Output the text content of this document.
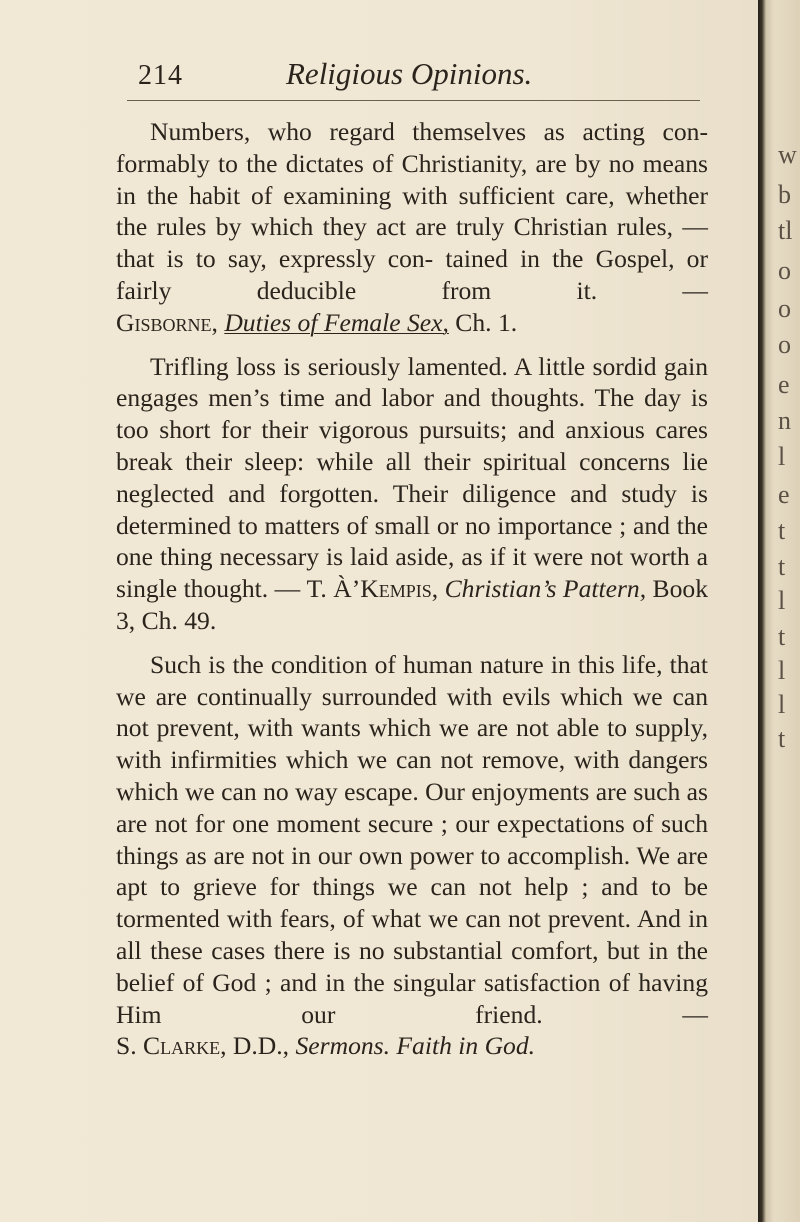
214	Religious Opinions.

Numbers, who regard themselves as acting con- formably to the dictates of Christianity, are by no means in the habit of examining with sufficient care, whether the rules by which they act are truly Christian rules, — that is to say, expressly con- tained in the Gospel, or fairly deducible from it. — Gisborne, Duties of Female Sex, Ch. 1.

Trifling loss is seriously lamented. A little sordid gain engages men’s time and labor and thoughts. The day is too short for their vigorous pursuits; and anxious cares break their sleep: while all their spiritual concerns lie neglected and forgotten. Their diligence and study is determined to matters of small or no importance ; and the one thing necessary is laid aside, as if it were not worth a single thought. — T. À’Kempis, Christian’s Pattern, Book 3, Ch. 49.

Such is the condition of human nature in this life, that we are continually surrounded with evils which we can not prevent, with wants which we are not able to supply, with infirmities which we can not remove, with dangers which we can no way escape. Our enjoyments are such as are not for one moment secure ; our expectations of such things as are not in our own power to accomplish. We are apt to grieve for things we can not help ; and to be tormented with fears, of what we can not prevent. And in all these cases there is no substantial comfort, but in the belief of God ; and in the singular satisfaction of having Him our friend. — S. Clarke, D.D., Sermons. Faith in God.

w
b
tl
o
o
o
e
n
l
e
t
t
l
t
l
l
t
